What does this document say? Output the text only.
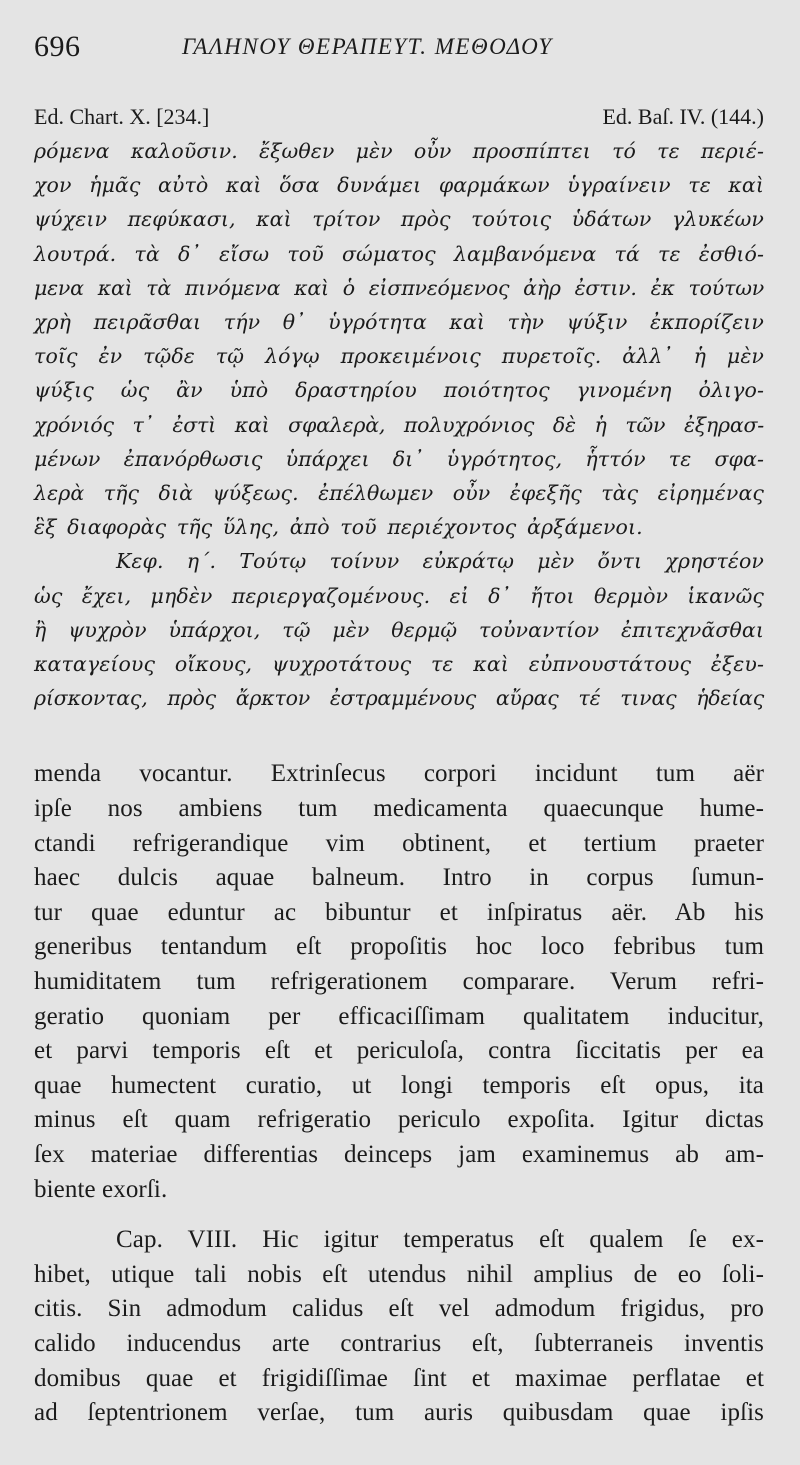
696	ΓΑΛΗΝΟΥ ΘΕΡΑΠΕΥΤ. ΜΕΘΟΔΟΥ
Ed. Chart. X. [234.]	Ed. Baſ. IV. (144.)
ρόμενα καλοῦσιν. ἔξωθεν μὲν οὖν προσπίπτει τό τε περιέ-
χον ἡμᾶς αὐτὸ καὶ ὅσα δυνάμει φαρμάκων ὑγραίνειν τε καὶ
ψύχειν πεφύκασι, καὶ τρίτον πρὸς τούτοις ὑδάτων γλυκέων
λουτρά. τὰ δ᾽ εἴσω τοῦ σώματος λαμβανόμενα τά τε ἐσθιό-
μενα καὶ τὰ πινόμενα καὶ ὁ εἰσπνεόμενος ἀὴρ ἐστιν. ἐκ τούτων
χρὴ πειρᾶσθαι τήν θ᾽ ὑγρότητα καὶ τὴν ψύξιν ἐκπορίζειν
τοῖς ἐν τῷδε τῷ λόγῳ προκειμένοις πυρετοῖς. ἀλλ᾽ ἡ μὲν
ψύξις ὡς ἂν ὑπὸ δραστηρίου ποιότητος γινομένη ὀλιγο-
χρόνιός τ᾽ ἐστὶ καὶ σφαλερὰ, πολυχρόνιος δὲ ἡ τῶν ἐξηρασ-
μένων ἐπανόρθωσις ὑπάρχει δι᾽ ὑγρότητος, ἧττόν τε σφα-
λερὰ τῆς διὰ ψύξεως. ἐπέλθωμεν οὖν ἐφεξῆς τὰς εἰρημένας
ἓξ διαφορὰς τῆς ὕλης, ἀπὸ τοῦ περιέχοντος ἀρξάμενοι.
Κεφ. η΄. Τούτῳ τοίνυν εὐκράτῳ μὲν ὄντι χρηστέον
ὡς ἔχει, μηδὲν περιεργαζομένους. εἰ δ᾽ ἤτοι θερμὸν ἱκανῶς
ἢ ψυχρὸν ὑπάρχοι, τῷ μὲν θερμῷ τοὐναντίον ἐπιτεχνᾶσθαι
καταγείους οἴκους, ψυχροτάτους τε καὶ εὐπνουστάτους ἐξευ-
ρίσκοντας, πρὸς ἄρκτον ἐστραμμένους αὔρας τέ τινας ἡδείας
menda vocantur. Extrinſecus corpori incidunt tum aër
ipſe nos ambiens tum medicamenta quaecunque hume-
ctandi refrigerandique vim obtinent, et tertium praeter
haec dulcis aquae balneum. Intro in corpus ſumun-
tur quae eduntur ac bibuntur et inſpiratus aër. Ab his
generibus tentandum eſt propoſitis hoc loco febribus tum
humiditatem tum refrigerationem comparare. Verum refri-
geratio quoniam per efficaciſſimam qualitatem inducitur,
et parvi temporis eſt et periculoſa, contra ſiccitatis per ea
quae humectent curatio, ut longi temporis eſt opus, ita
minus eſt quam refrigeratio periculo expoſita. Igitur dictas
ſex materiae differentias deinceps jam examinemus ab am-
biente exorſi.
Cap. VIII. Hic igitur temperatus eſt qualem ſe ex-
hibet, utique tali nobis eſt utendus nihil amplius de eo ſoli-
citis. Sin admodum calidus eſt vel admodum frigidus, pro
calido inducendus arte contrarius eſt, ſubterraneis inventis
domibus quae et frigidiſſimae ſint et maximae perflatae et
ad ſeptentrionem verſae, tum auris quibusdam quae ipſis
